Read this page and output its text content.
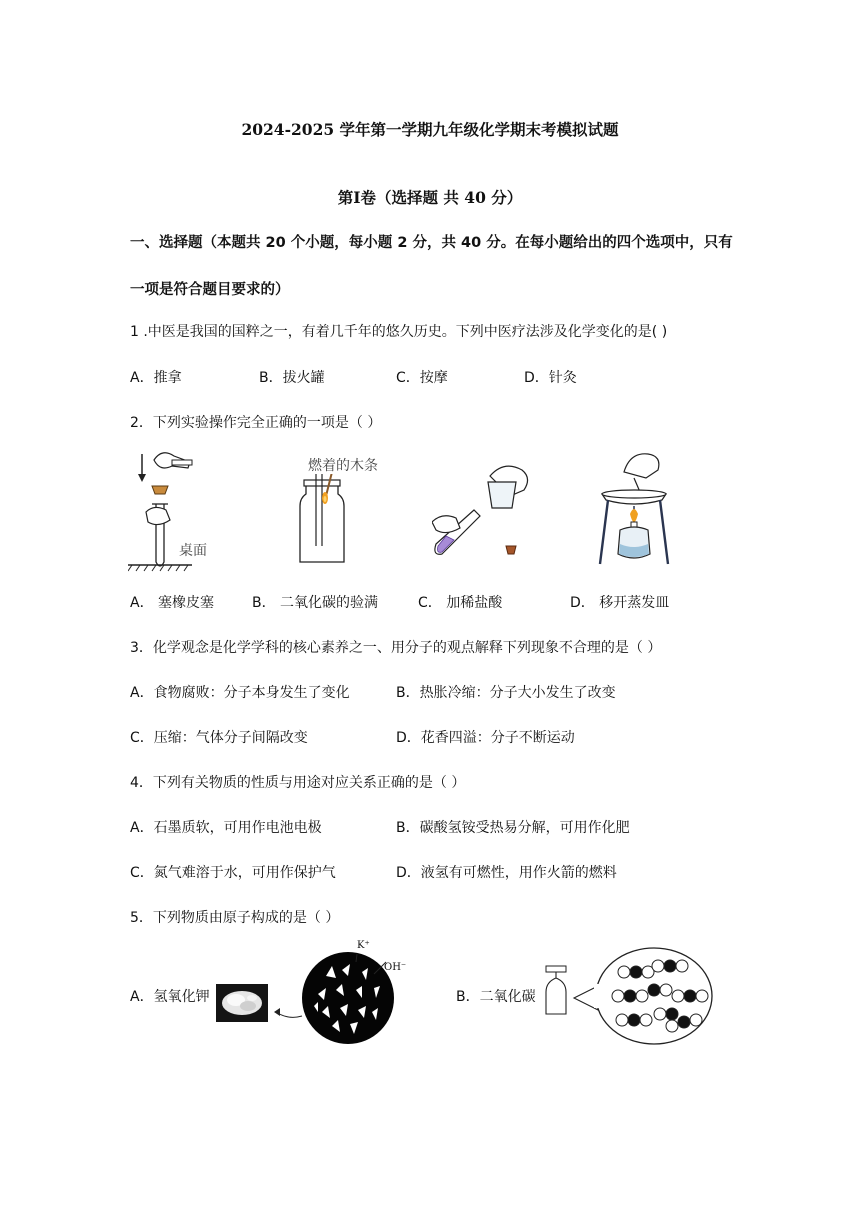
2024-2025 学年第一学期九年级化学期末考模拟试题
第Ⅰ卷（选择题 共 40 分）
一、选择题（本题共 20 个小题，每小题 2 分，共 40 分。在每小题给出的四个选项中，只有
一项是符合题目要求的）
1 .中医是我国的国粹之一，有着几千年的悠久历史。下列中医疗法涉及化学变化的是( )
A．推拿	B．拔火罐	C．按摩	D．针灸
2．下列实验操作完全正确的一项是（ ）
桌面
燃着的木条
A． 塞橡皮塞	B． 二氧化碳的验满	C． 加稀盐酸	D． 移开蒸发皿
3．化学观念是化学学科的核心素养之一、用分子的观点解释下列现象不合理的是（ ）
A．食物腐败：分子本身发生了变化	B．热胀冷缩：分子大小发生了改变
C．压缩：气体分子间隔改变	D．花香四溢：分子不断运动
4．下列有关物质的性质与用途对应关系正确的是（ ）
A．石墨质软，可用作电池电极	B．碳酸氢铵受热易分解，可用作化肥
C．氮气难溶于水，可用作保护气	D．液氢有可燃性，用作火箭的燃料
5．下列物质由原子构成的是（ ）
A．氢氧化钾
K⁺
OH⁻
B．二氧化碳
